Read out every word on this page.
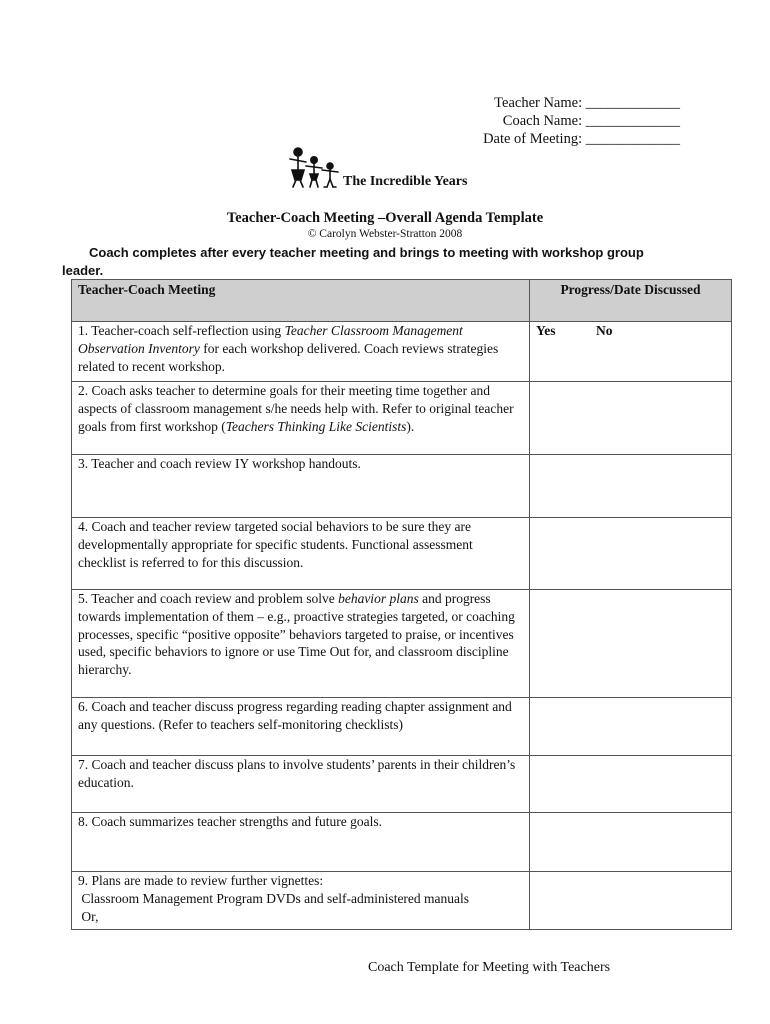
Teacher Name: _____________
Coach Name: _____________
Date of Meeting: _____________
The Incredible Years
Teacher-Coach Meeting –Overall Agenda Template
© Carolyn Webster-Stratton 2008
Coach completes after every teacher meeting and brings to meeting with workshop group
leader.
Teacher-Coach Meeting	Progress/Date Discussed
1. Teacher-coach self-reflection using Teacher Classroom Management Observation Inventory for each workshop delivered. Coach reviews strategies related to recent workshop.	Yes No
2. Coach asks teacher to determine goals for their meeting time together and aspects of classroom management s/he needs help with. Refer to original teacher goals from first workshop (Teachers Thinking Like Scientists).	
3. Teacher and coach review IY workshop handouts.	
4. Coach and teacher review targeted social behaviors to be sure they are developmentally appropriate for specific students. Functional assessment checklist is referred to for this discussion.	
5. Teacher and coach review and problem solve behavior plans and progress towards implementation of them – e.g., proactive strategies targeted, or coaching processes, specific “positive opposite” behaviors targeted to praise, or incentives used, specific behaviors to ignore or use Time Out for, and classroom discipline hierarchy.	
6. Coach and teacher discuss progress regarding reading chapter assignment and any questions. (Refer to teachers self-monitoring checklists)	
7. Coach and teacher discuss plans to involve students’ parents in their children’s education.	
8. Coach summarizes teacher strengths and future goals.	

9. Plans are made to review further vignettes:
Classroom Management Program DVDs and self-administered manuals
Or,	

Coach Template for Meeting with Teachers
